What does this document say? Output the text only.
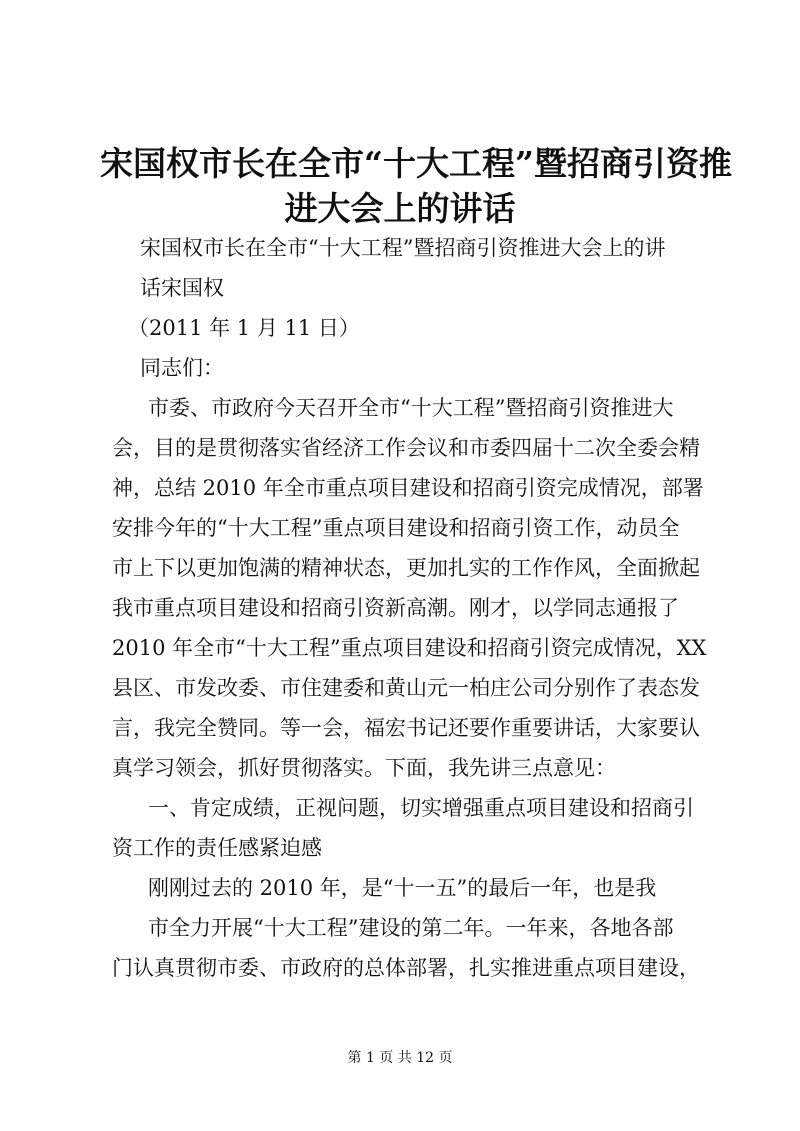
宋国权市长在全市“十大工程”暨招商引资推
进大会上的讲话
宋国权市长在全市“十大工程”暨招商引资推进大会上的讲
话宋国权
（2011 年 1 月 11 日）
同志们：
市委、市政府今天召开全市“十大工程”暨招商引资推进大
会，目的是贯彻落实省经济工作会议和市委四届十二次全委会精
神，总结 2010 年全市重点项目建设和招商引资完成情况，部署
安排今年的“十大工程”重点项目建设和招商引资工作，动员全
市上下以更加饱满的精神状态，更加扎实的工作作风，全面掀起
我市重点项目建设和招商引资新高潮。刚才，以学同志通报了
2010 年全市“十大工程”重点项目建设和招商引资完成情况，XX
县区、市发改委、市住建委和黄山元一柏庄公司分别作了表态发
言，我完全赞同。等一会，福宏书记还要作重要讲话，大家要认
真学习领会，抓好贯彻落实。下面，我先讲三点意见：
一、肯定成绩，正视问题，切实增强重点项目建设和招商引
资工作的责任感紧迫感
刚刚过去的 2010 年，是“十一五”的最后一年，也是我
市全力开展“十大工程”建设的第二年。一年来，各地各部
门认真贯彻市委、市政府的总体部署，扎实推进重点项目建设，
第 1 页 共 12 页
